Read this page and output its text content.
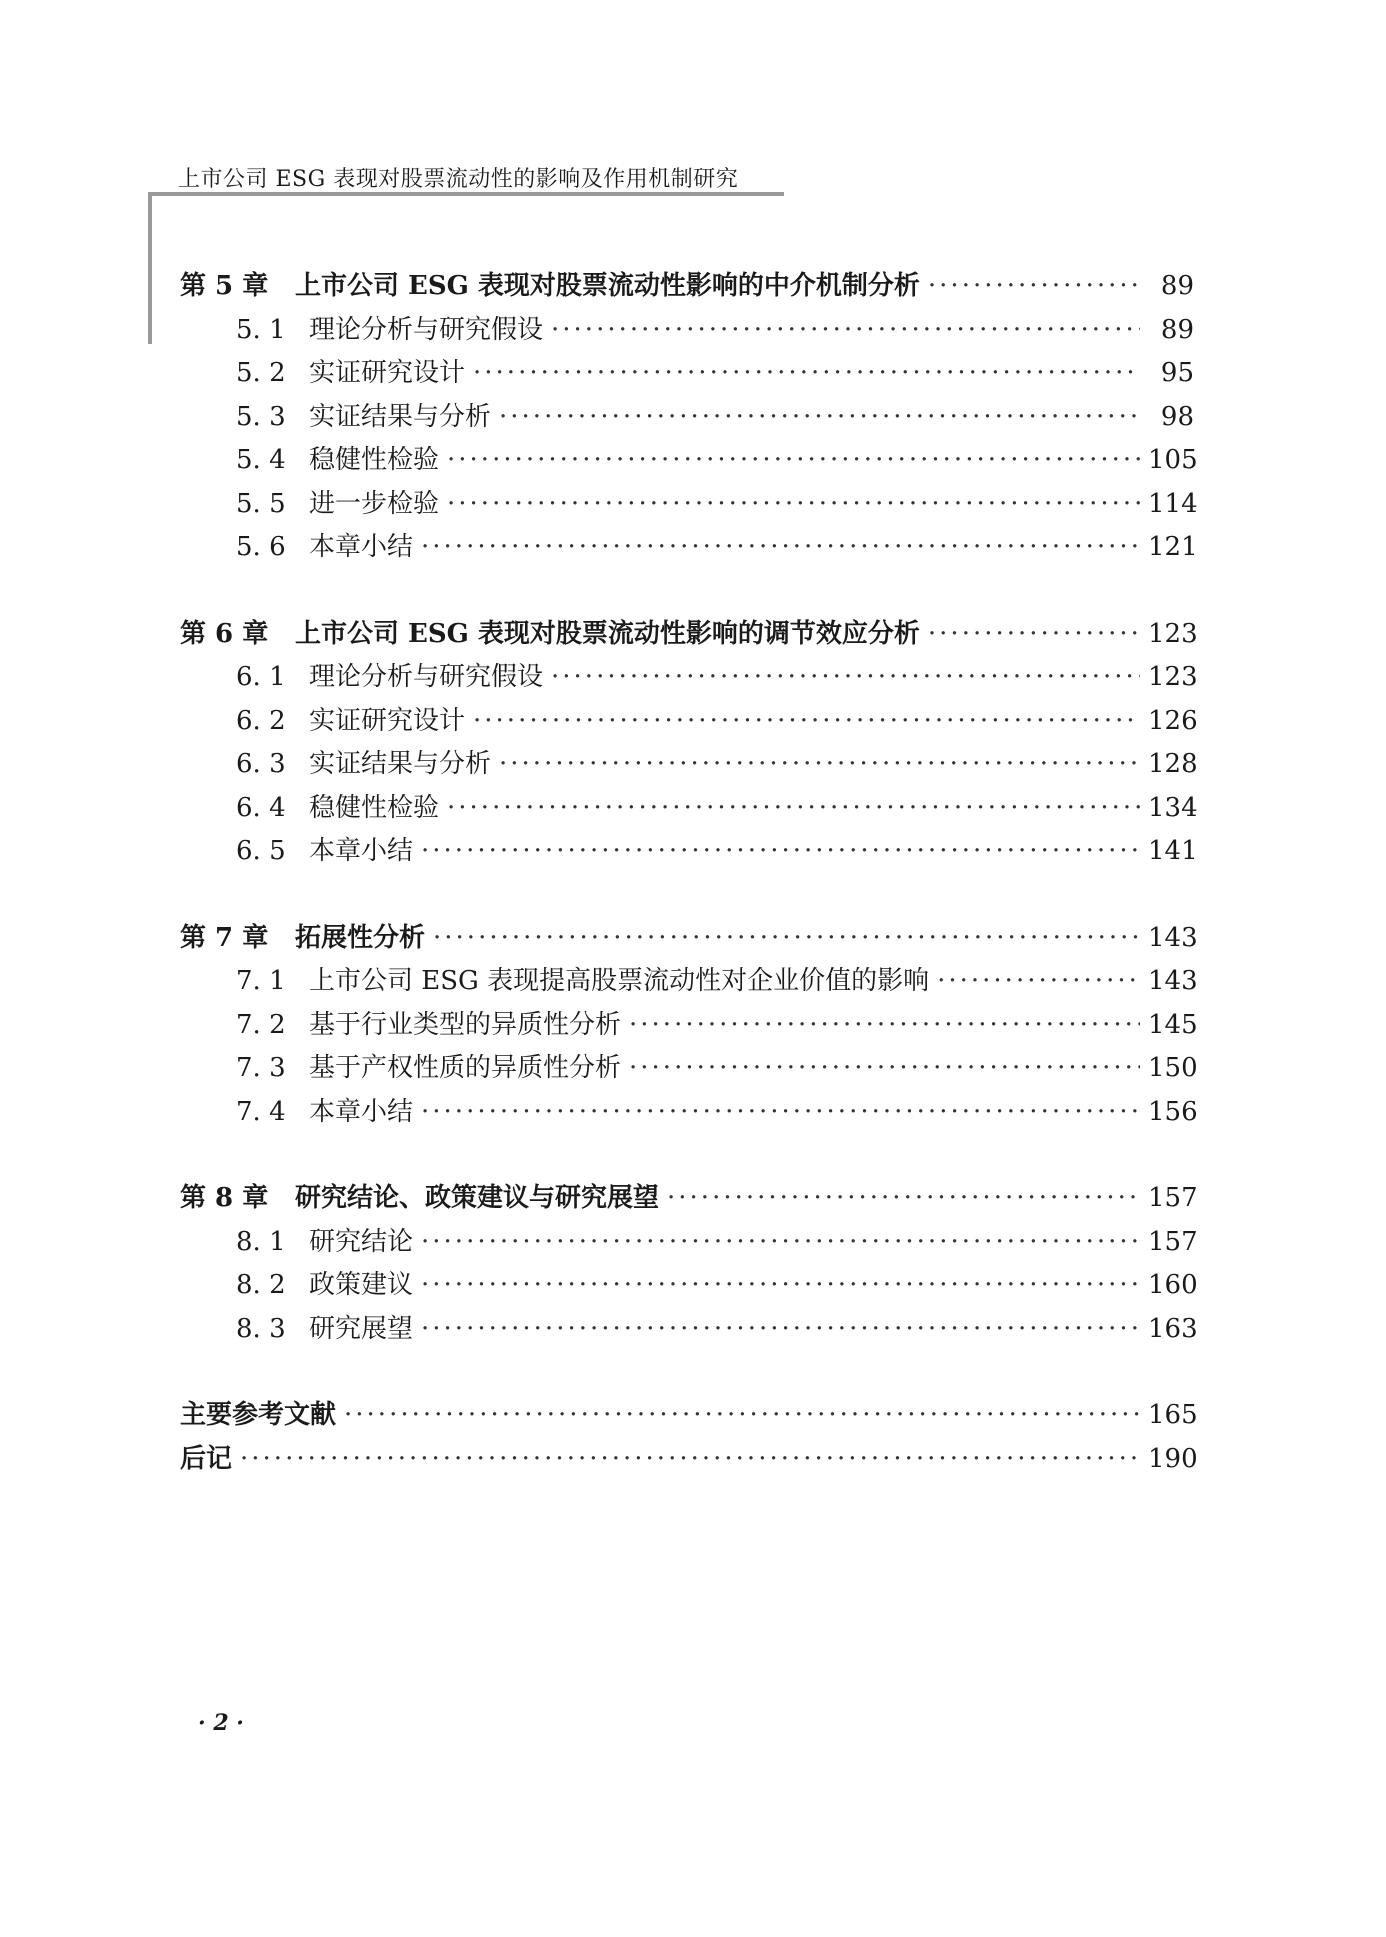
上市公司 ESG 表现对股票流动性的影响及作用机制研究
第 5 章	上市公司 ESG 表现对股票流动性影响的中介机制分析 ·····	89
5. 1 理论分析与研究假设 ·····	89
5. 2 实证研究设计 ·····	95
5. 3 实证结果与分析 ·····	98
5. 4 稳健性检验 ·····	105
5. 5 进一步检验 ·····	114
5. 6 本章小结 ·····	121
第 6 章	上市公司 ESG 表现对股票流动性影响的调节效应分析 ·····	123
6. 1 理论分析与研究假设 ·····	123
6. 2 实证研究设计 ·····	126
6. 3 实证结果与分析 ·····	128
6. 4 稳健性检验 ·····	134
6. 5 本章小结 ·····	141
第 7 章	拓展性分析 ·····	143
7. 1 上市公司 ESG 表现提高股票流动性对企业价值的影响 ·····	143
7. 2 基于行业类型的异质性分析 ·····	145
7. 3 基于产权性质的异质性分析 ·····	150
7. 4 本章小结 ·····	156
第 8 章	研究结论、政策建议与研究展望 ·····	157
8. 1 研究结论 ·····	157
8. 2 政策建议 ·····	160
8. 3 研究展望 ·····	163
主要参考文献 ·····	165
后记 ·····	190
· 2 ·
